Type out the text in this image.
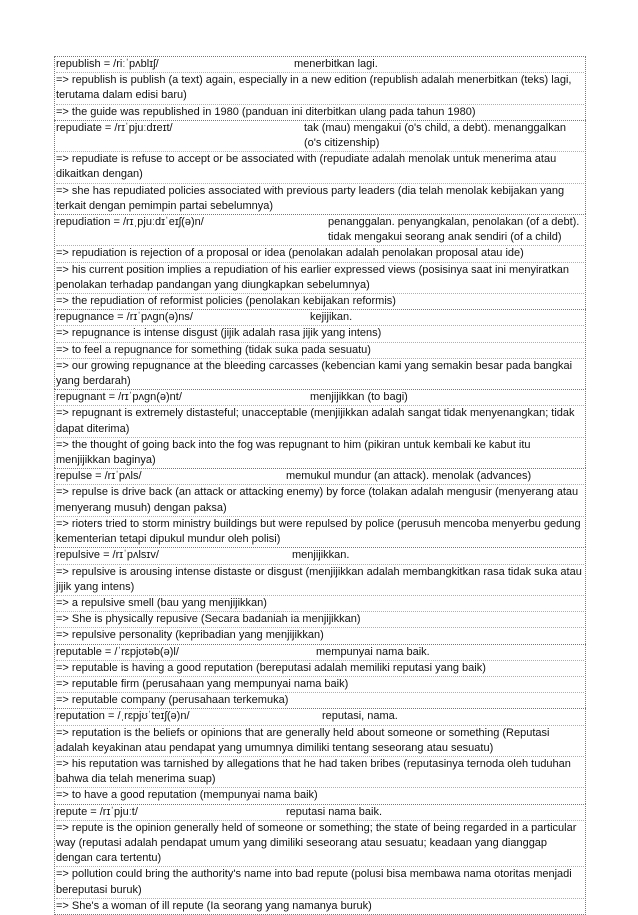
republish = /riːˈpʌblɪʃ/	menerbitkan lagi.
=> republish is publish (a text) again, especially in a new edition (republish adalah menerbitkan (teks) lagi, terutama dalam edisi baru)
=> the guide was republished in 1980 (panduan ini diterbitkan ulang pada tahun 1980)
repudiate = /rɪˈpjuːdɪeɪt/	tak (mau) mengakui (o's child, a debt). menanggalkan (o's citizenship)
=> repudiate is refuse to accept or be associated with (repudiate adalah menolak untuk menerima atau dikaitkan dengan)
=> she has repudiated policies associated with previous party leaders (dia telah menolak kebijakan yang terkait dengan pemimpin partai sebelumnya)
repudiation = /rɪˌpjuːdɪˈeɪʃ(ə)n/	penanggalan. penyangkalan, penolakan (of a debt). tidak mengakui seorang anak sendiri (of a child)
=> repudiation is rejection of a proposal or idea (penolakan adalah penolakan proposal atau ide)
=> his current position implies a repudiation of his earlier expressed views (posisinya saat ini menyiratkan penolakan terhadap pandangan yang diungkapkan sebelumnya)
=> the repudiation of reformist policies (penolakan kebijakan reformis)
repugnance = /rɪˈpʌgn(ə)ns/	kejijikan.
=> repugnance is intense disgust (jijik adalah rasa jijik yang intens)
=> to feel a repugnance for something (tidak suka pada sesuatu)
=> our growing repugnance at the bleeding carcasses (kebencian kami yang semakin besar pada bangkai yang berdarah)
repugnant = /rɪˈpʌgn(ə)nt/	menjijikkan (to bagi)
=> repugnant is extremely distasteful; unacceptable (menjijikkan adalah sangat tidak menyenangkan; tidak dapat diterima)
=> the thought of going back into the fog was repugnant to him (pikiran untuk kembali ke kabut itu menjijikkan baginya)
repulse = /rɪˈpʌls/	memukul mundur (an attack). menolak (advances)
=> repulse is drive back (an attack or attacking enemy) by force (tolakan adalah mengusir (menyerang atau menyerang musuh) dengan paksa)
=> rioters tried to storm ministry buildings but were repulsed by police (perusuh mencoba menyerbu gedung kementerian tetapi dipukul mundur oleh polisi)
repulsive = /rɪˈpʌlsɪv/	menjijikkan.
=> repulsive is arousing intense distaste or disgust (menjijikkan adalah membangkitkan rasa tidak suka atau jijik yang intens)
=> a repulsive smell (bau yang menjijikkan)
=> She is physically repusive (Secara badaniah ia menjijikkan)
=> repulsive personality (kepribadian yang menjijikkan)
reputable = /ˈrɛpjʊtəb(ə)l/	mempunyai nama baik.
=> reputable is having a good reputation (bereputasi adalah memiliki reputasi yang baik)
=> reputable firm (perusahaan yang mempunyai nama baik)
=> reputable company (perusahaan terkemuka)
reputation = /ˌrɛpjʊˈteɪʃ(ə)n/	reputasi, nama.
=> reputation is the beliefs or opinions that are generally held about someone or something (Reputasi adalah keyakinan atau pendapat yang umumnya dimiliki tentang seseorang atau sesuatu)
=> his reputation was tarnished by allegations that he had taken bribes (reputasinya ternoda oleh tuduhan bahwa dia telah menerima suap)
=> to have a good reputation (mempunyai nama baik)
repute = /rɪˈpjuːt/	reputasi nama baik.
=> repute is the opinion generally held of someone or something; the state of being regarded in a particular way (reputasi adalah pendapat umum yang dimiliki seseorang atau sesuatu; keadaan yang dianggap dengan cara tertentu)
=> pollution could bring the authority's name into bad repute (polusi bisa membawa nama otoritas menjadi bereputasi buruk)
=> She's a woman of ill repute (Ia seorang yang namanya buruk)
